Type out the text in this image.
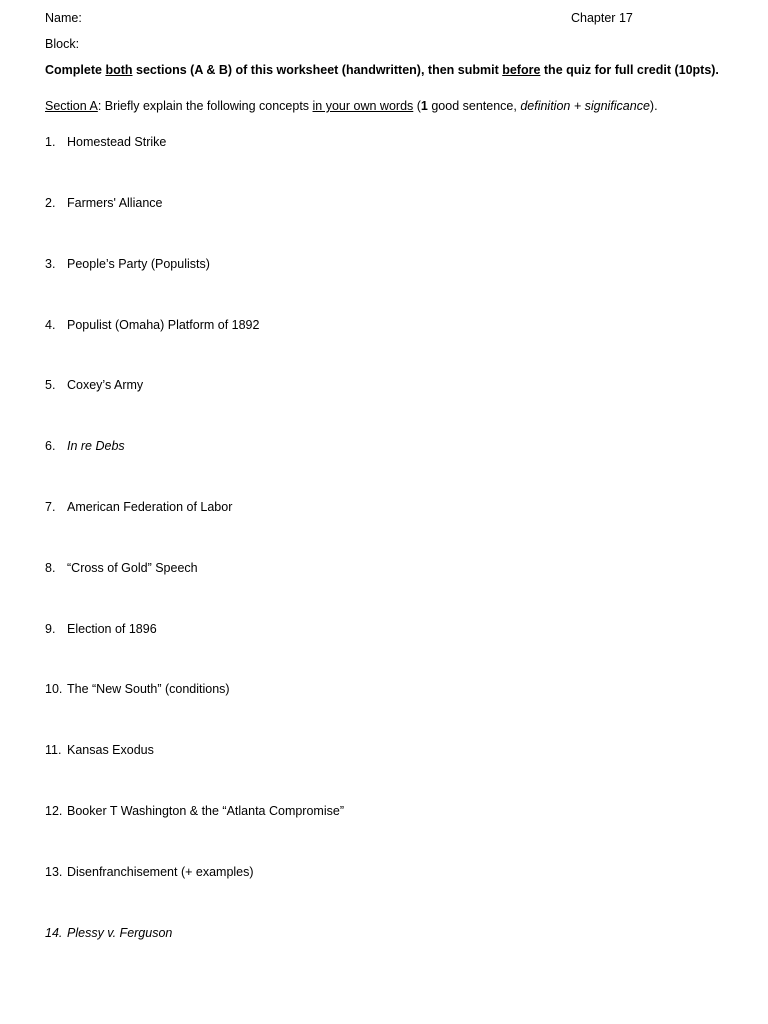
Name:	Chapter 17
Block:
Complete both sections (A & B) of this worksheet (handwritten), then submit before the quiz for full credit (10pts).
Section A: Briefly explain the following concepts in your own words (1 good sentence, definition + significance).
1. Homestead Strike
2. Farmers' Alliance
3. People’s Party (Populists)
4. Populist (Omaha) Platform of 1892
5. Coxey’s Army
6. In re Debs
7. American Federation of Labor
8. “Cross of Gold” Speech
9. Election of 1896
10. The “New South” (conditions)
11. Kansas Exodus
12. Booker T Washington & the “Atlanta Compromise”
13. Disenfranchisement (+ examples)
14. Plessy v. Ferguson
